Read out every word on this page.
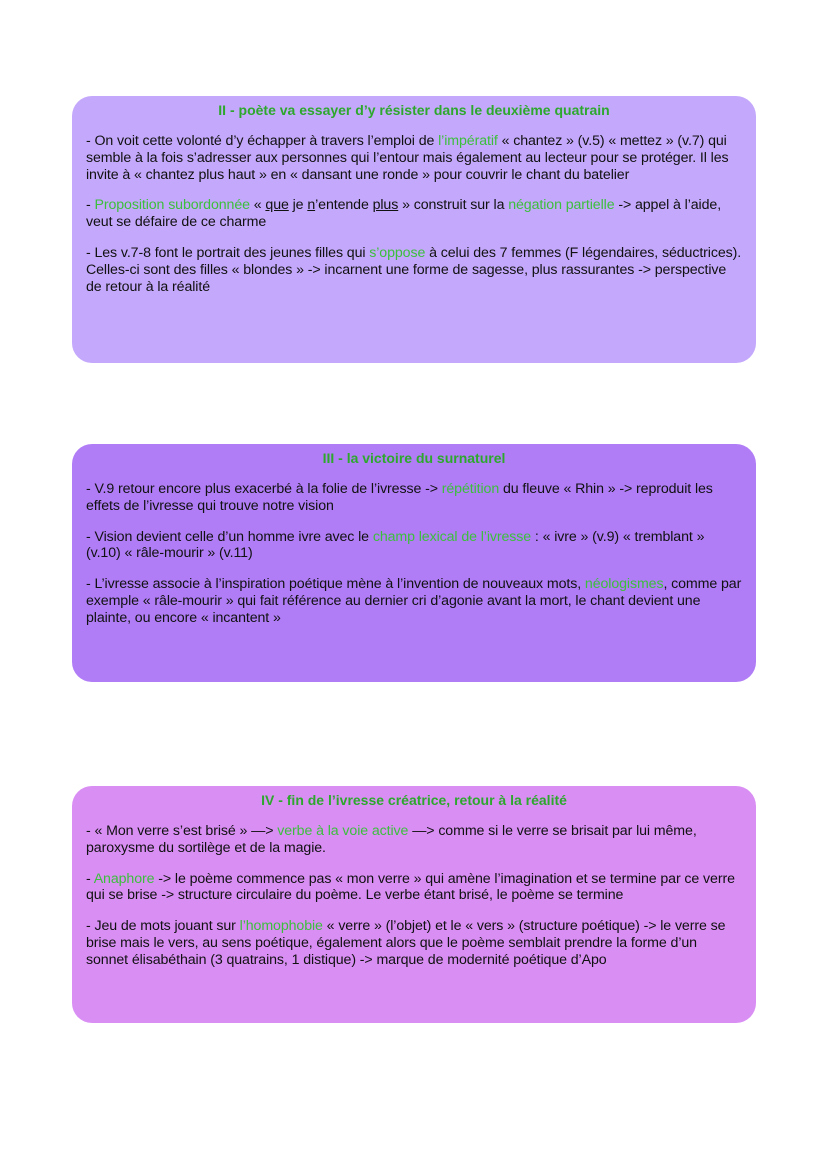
II - poète va essayer d’y résister dans le deuxième quatrain

- On voit cette volonté d’y échapper à travers l’emploi de l’impératif « chantez » (v.5) « mettez » (v.7) qui semble à la fois s’adresser aux personnes qui l’entour mais également au lecteur pour se protéger. Il les invite à « chantez plus haut » en « dansant une ronde » pour couvrir le chant du batelier

- Proposition subordonnée « que je n’entende plus » construit sur la négation partielle -> appel à l’aide, veut se défaire de ce charme

- Les v.7-8 font le portrait des jeunes filles qui s’oppose à celui des 7 femmes (F légendaires, séductrices). Celles-ci sont des filles « blondes » -> incarnent une forme de sagesse, plus rassurantes -> perspective de retour à la réalité

III - la victoire du surnaturel

- V.9 retour encore plus exacerbé à la folie de l’ivresse -> répétition du fleuve « Rhin » -> reproduit les effets de l’ivresse qui trouve notre vision

- Vision devient celle d’un homme ivre avec le champ lexical de l’ivresse : « ivre » (v.9) « tremblant » (v.10) « râle-mourir » (v.11)

- L’ivresse associe à l’inspiration poétique mène à l’invention de nouveaux mots, néologismes, comme par exemple « râle-mourir » qui fait référence au dernier cri d’agonie avant la mort, le chant devient une plainte, ou encore « incantent »

IV - fin de l’ivresse créatrice, retour à la réalité

- « Mon verre s’est brisé » —> verbe à la voie active —> comme si le verre se brisait par lui même, paroxysme du sortilège et de la magie.

- Anaphore -> le poème commence pas « mon verre » qui amène l’imagination et se termine par ce verre qui se brise -> structure circulaire du poème. Le verbe étant brisé, le poème se termine

- Jeu de mots jouant sur l’homophobie « verre » (l’objet) et le « vers » (structure poétique) -> le verre se brise mais le vers, au sens poétique, également alors que le poème semblait prendre la forme d’un sonnet élisabéthain (3 quatrains, 1 distique) -> marque de modernité poétique d’Apo
